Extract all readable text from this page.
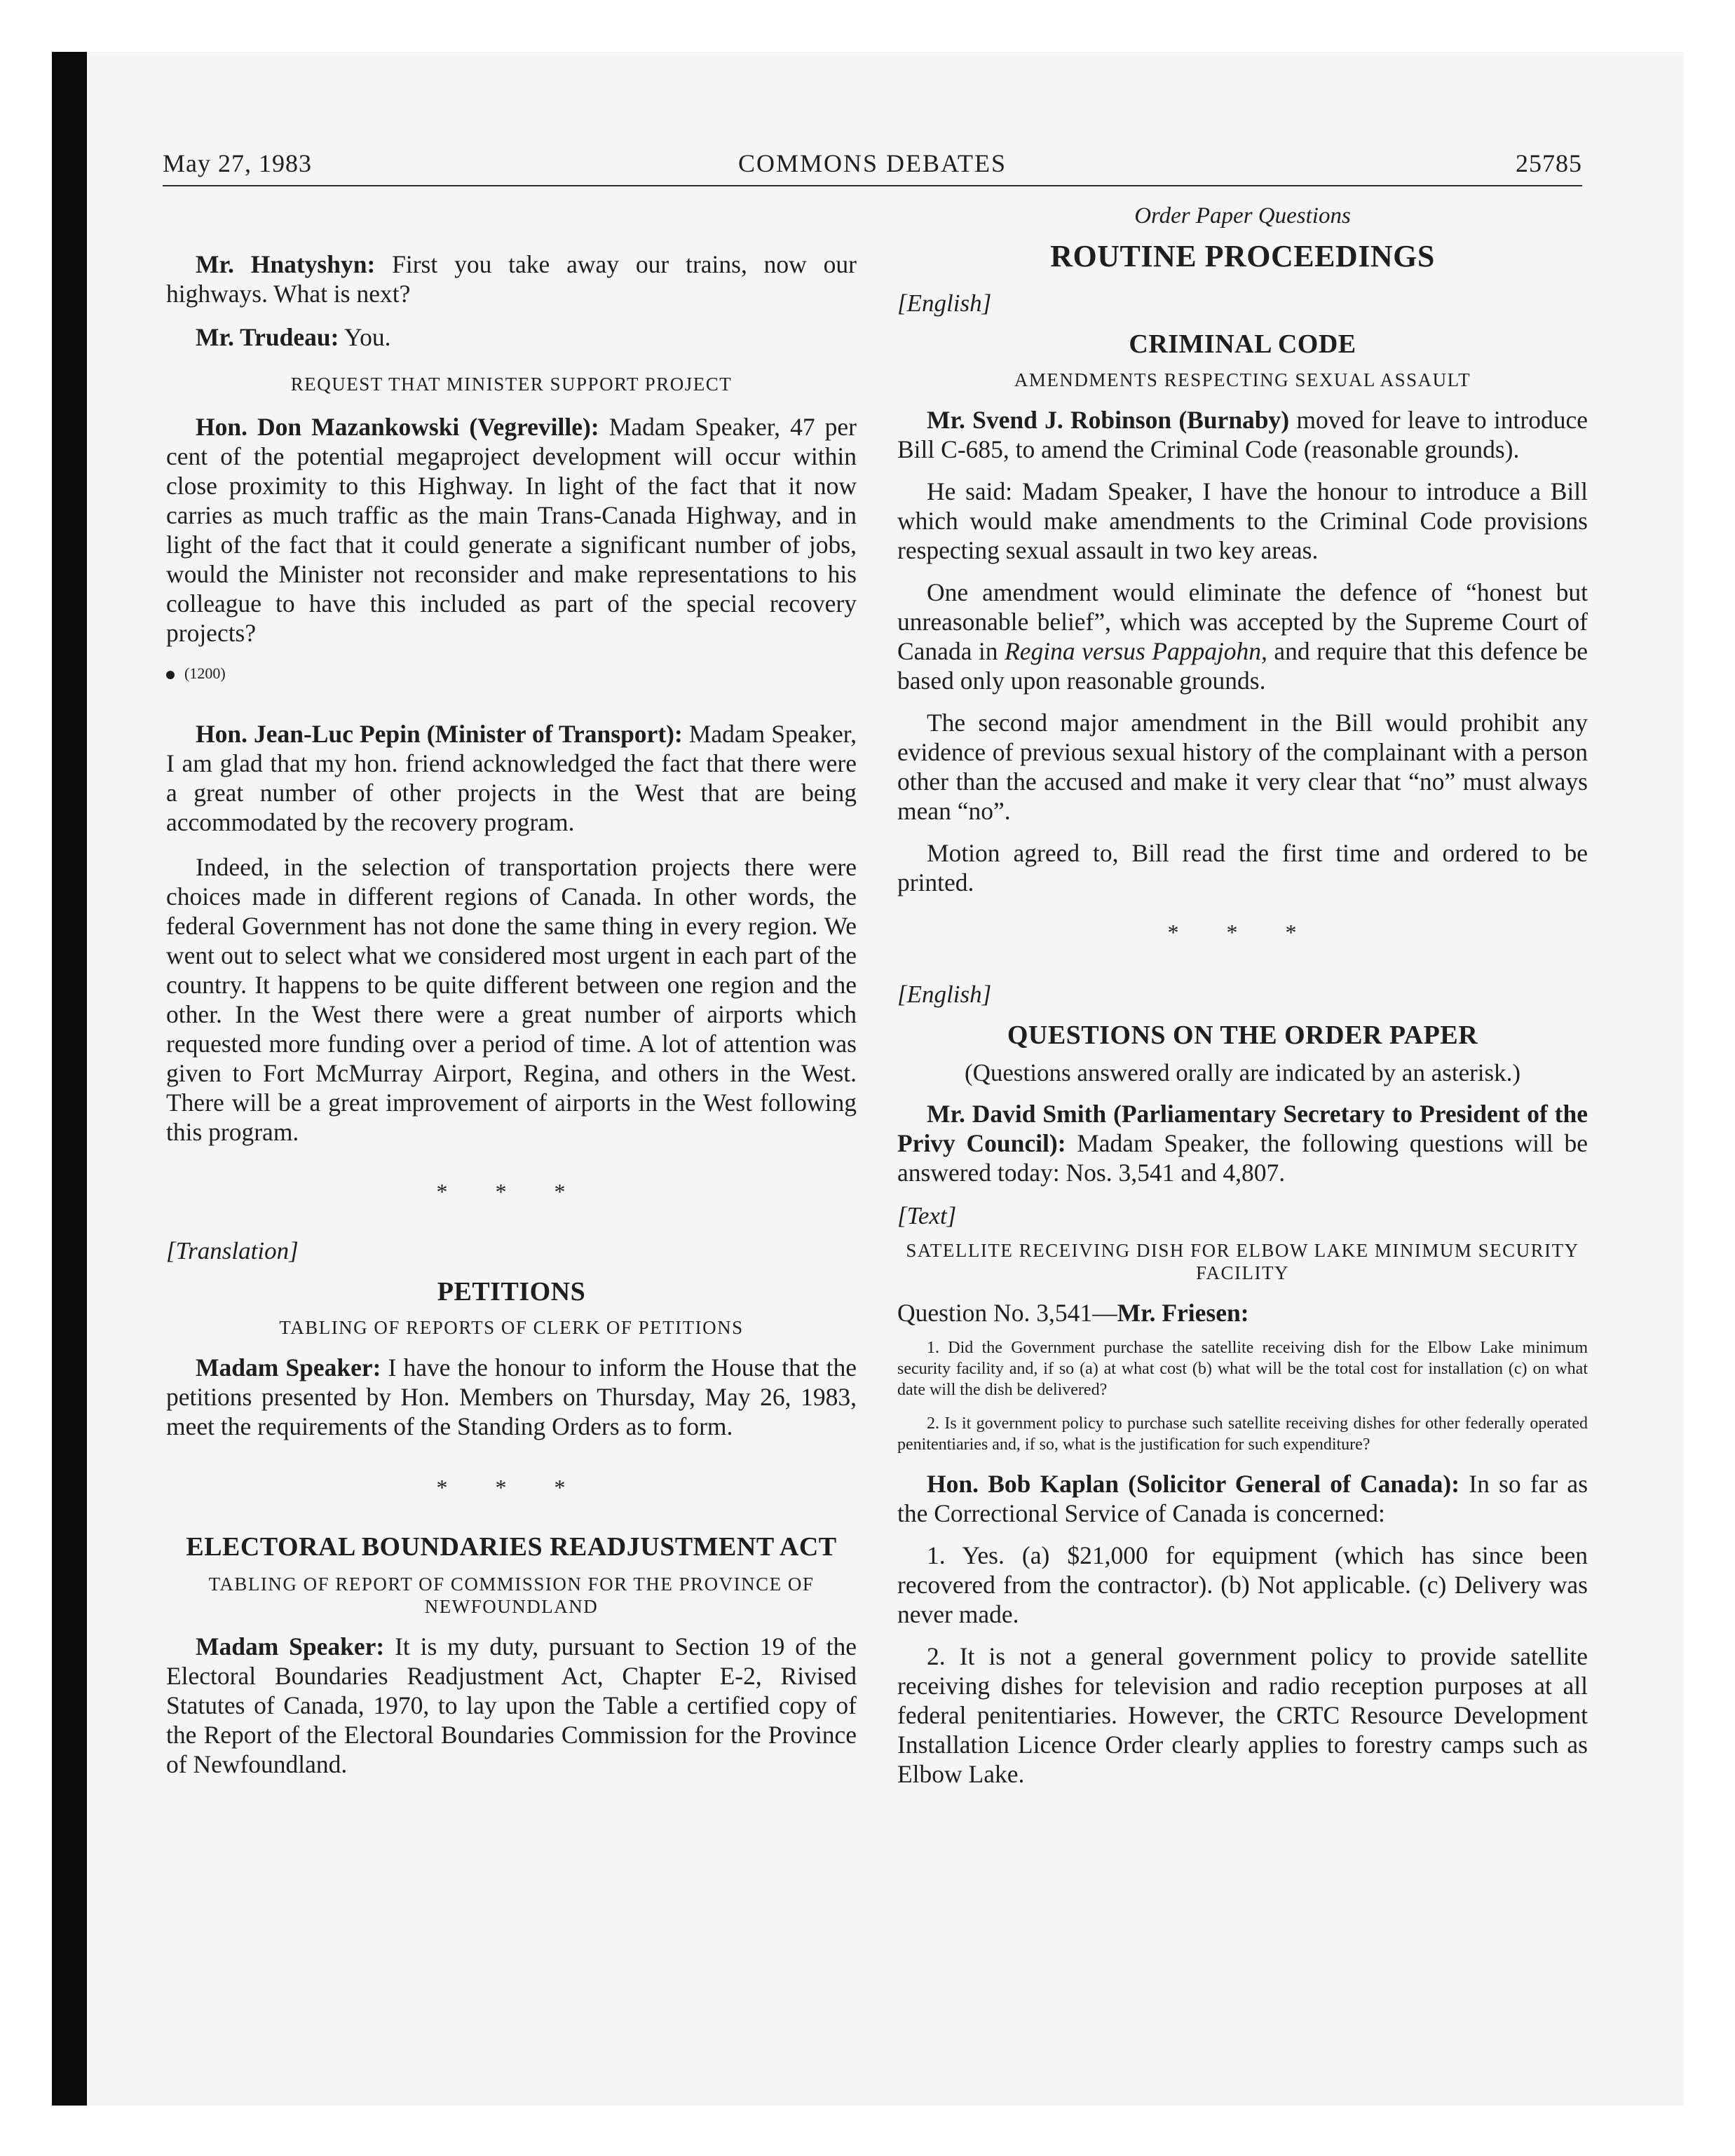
May 27, 1983	COMMONS DEBATES	25785

Mr. Hnatyshyn: First you take away our trains, now our highways. What is next?

Mr. Trudeau: You.

REQUEST THAT MINISTER SUPPORT PROJECT

Hon. Don Mazankowski (Vegreville): Madam Speaker, 47 per cent of the potential megaproject development will occur within close proximity to this Highway. In light of the fact that it now carries as much traffic as the main Trans-Canada Highway, and in light of the fact that it could generate a significant number of jobs, would the Minister not reconsider and make representations to his colleague to have this included as part of the special recovery projects?

(1200)

Hon. Jean-Luc Pepin (Minister of Transport): Madam Speaker, I am glad that my hon. friend acknowledged the fact that there were a great number of other projects in the West that are being accommodated by the recovery program.

Indeed, in the selection of transportation projects there were choices made in different regions of Canada. In other words, the federal Government has not done the same thing in every region. We went out to select what we considered most urgent in each part of the country. It happens to be quite different between one region and the other. In the West there were a great number of airports which requested more funding over a period of time. A lot of attention was given to Fort McMurray Airport, Regina, and others in the West. There will be a great improvement of airports in the West following this program.

* * *

[Translation]

PETITIONS

TABLING OF REPORTS OF CLERK OF PETITIONS

Madam Speaker: I have the honour to inform the House that the petitions presented by Hon. Members on Thursday, May 26, 1983, meet the requirements of the Standing Orders as to form.

* * *

ELECTORAL BOUNDARIES READJUSTMENT ACT

TABLING OF REPORT OF COMMISSION FOR THE PROVINCE OF NEWFOUNDLAND

Madam Speaker: It is my duty, pursuant to Section 19 of the Electoral Boundaries Readjustment Act, Chapter E-2, Rivised Statutes of Canada, 1970, to lay upon the Table a certified copy of the Report of the Electoral Boundaries Commission for the Province of Newfoundland.

Order Paper Questions

ROUTINE PROCEEDINGS

[English]

CRIMINAL CODE

AMENDMENTS RESPECTING SEXUAL ASSAULT

Mr. Svend J. Robinson (Burnaby) moved for leave to introduce Bill C-685, to amend the Criminal Code (reasonable grounds).

He said: Madam Speaker, I have the honour to introduce a Bill which would make amendments to the Criminal Code provisions respecting sexual assault in two key areas.

One amendment would eliminate the defence of “honest but unreasonable belief”, which was accepted by the Supreme Court of Canada in Regina versus Pappajohn, and require that this defence be based only upon reasonable grounds.

The second major amendment in the Bill would prohibit any evidence of previous sexual history of the complainant with a person other than the accused and make it very clear that “no” must always mean “no”.

Motion agreed to, Bill read the first time and ordered to be printed.

* * *

[English]

QUESTIONS ON THE ORDER PAPER

(Questions answered orally are indicated by an asterisk.)

Mr. David Smith (Parliamentary Secretary to President of the Privy Council): Madam Speaker, the following questions will be answered today: Nos. 3,541 and 4,807.

[Text]

SATELLITE RECEIVING DISH FOR ELBOW LAKE MINIMUM SECURITY FACILITY

Question No. 3,541—Mr. Friesen:

1. Did the Government purchase the satellite receiving dish for the Elbow Lake minimum security facility and, if so (a) at what cost (b) what will be the total cost for installation (c) on what date will the dish be delivered?

2. Is it government policy to purchase such satellite receiving dishes for other federally operated penitentiaries and, if so, what is the justification for such expenditure?

Hon. Bob Kaplan (Solicitor General of Canada): In so far as the Correctional Service of Canada is concerned:

1. Yes. (a) $21,000 for equipment (which has since been recovered from the contractor). (b) Not applicable. (c) Delivery was never made.

2. It is not a general government policy to provide satellite receiving dishes for television and radio reception purposes at all federal penitentiaries. However, the CRTC Resource Development Installation Licence Order clearly applies to forestry camps such as Elbow Lake.
